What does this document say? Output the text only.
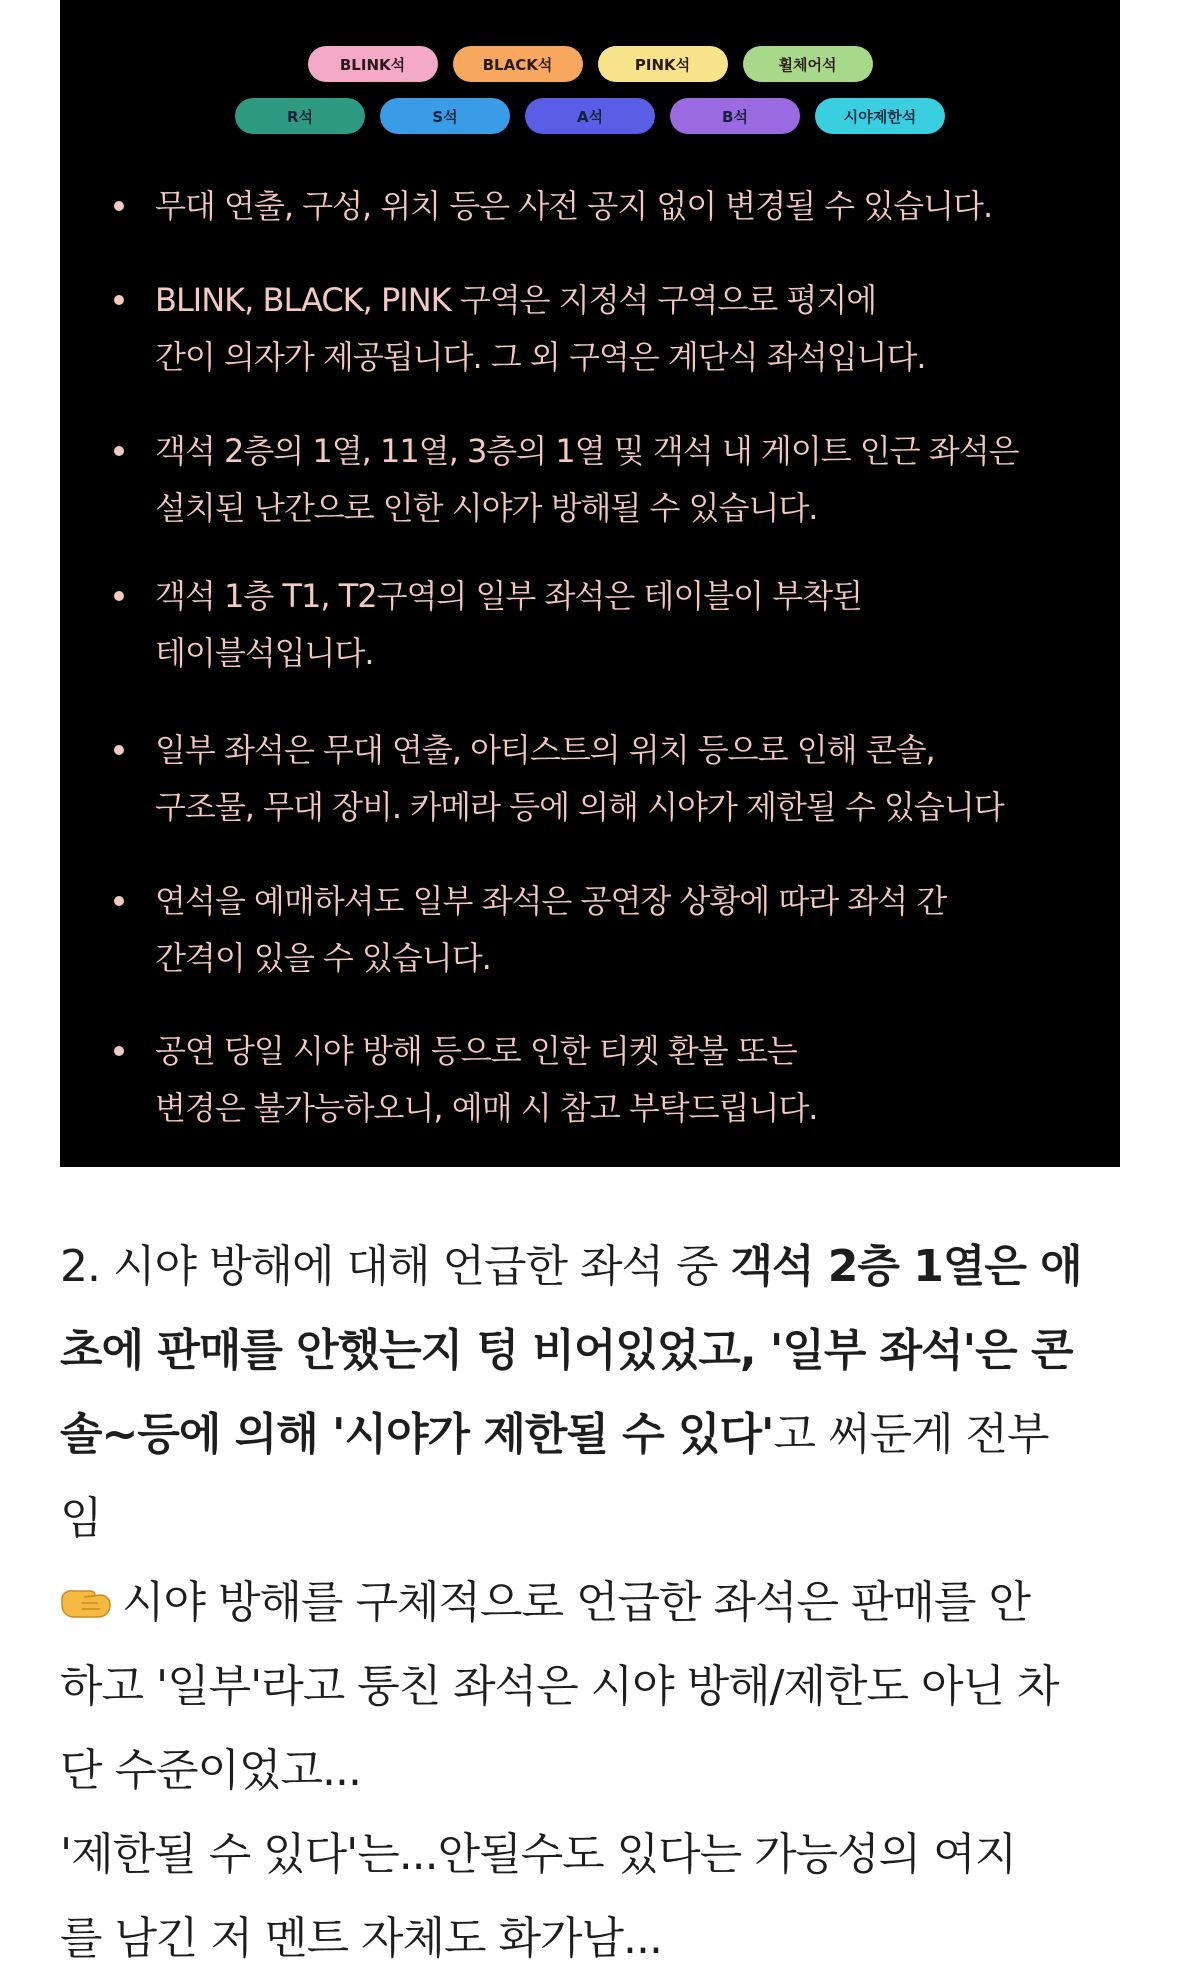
BLINK석	BLACK석	PINK석	휠체어석
R석	S석	A석	B석	시야제한석
무대 연출, 구성, 위치 등은 사전 공지 없이 변경될 수 있습니다.
BLINK, BLACK, PINK 구역은 지정석 구역으로 평지에
간이 의자가 제공됩니다. 그 외 구역은 계단식 좌석입니다.
객석 2층의 1열, 11열, 3층의 1열 및 객석 내 게이트 인근 좌석은
설치된 난간으로 인한 시야가 방해될 수 있습니다.
객석 1층 T1, T2구역의 일부 좌석은 테이블이 부착된
테이블석입니다.
일부 좌석은 무대 연출, 아티스트의 위치 등으로 인해 콘솔,
구조물, 무대 장비. 카메라 등에 의해 시야가 제한될 수 있습니다
연석을 예매하셔도 일부 좌석은 공연장 상황에 따라 좌석 간
간격이 있을 수 있습니다.
공연 당일 시야 방해 등으로 인한 티켓 환불 또는
변경은 불가능하오니, 예매 시 참고 부탁드립니다.
2. 시야 방해에 대해 언급한 좌석 중 객석 2층 1열은 애
초에 판매를 안했는지 텅 비어있었고, '일부 좌석'은 콘
솔~등에 의해 '시야가 제한될 수 있다'고 써둔게 전부
임
시야 방해를 구체적으로 언급한 좌석은 판매를 안
하고 '일부'라고 퉁친 좌석은 시야 방해/제한도 아닌 차
단 수준이었고...
'제한될 수 있다'는...안될수도 있다는 가능성의 여지
를 남긴 저 멘트 자체도 화가남...
